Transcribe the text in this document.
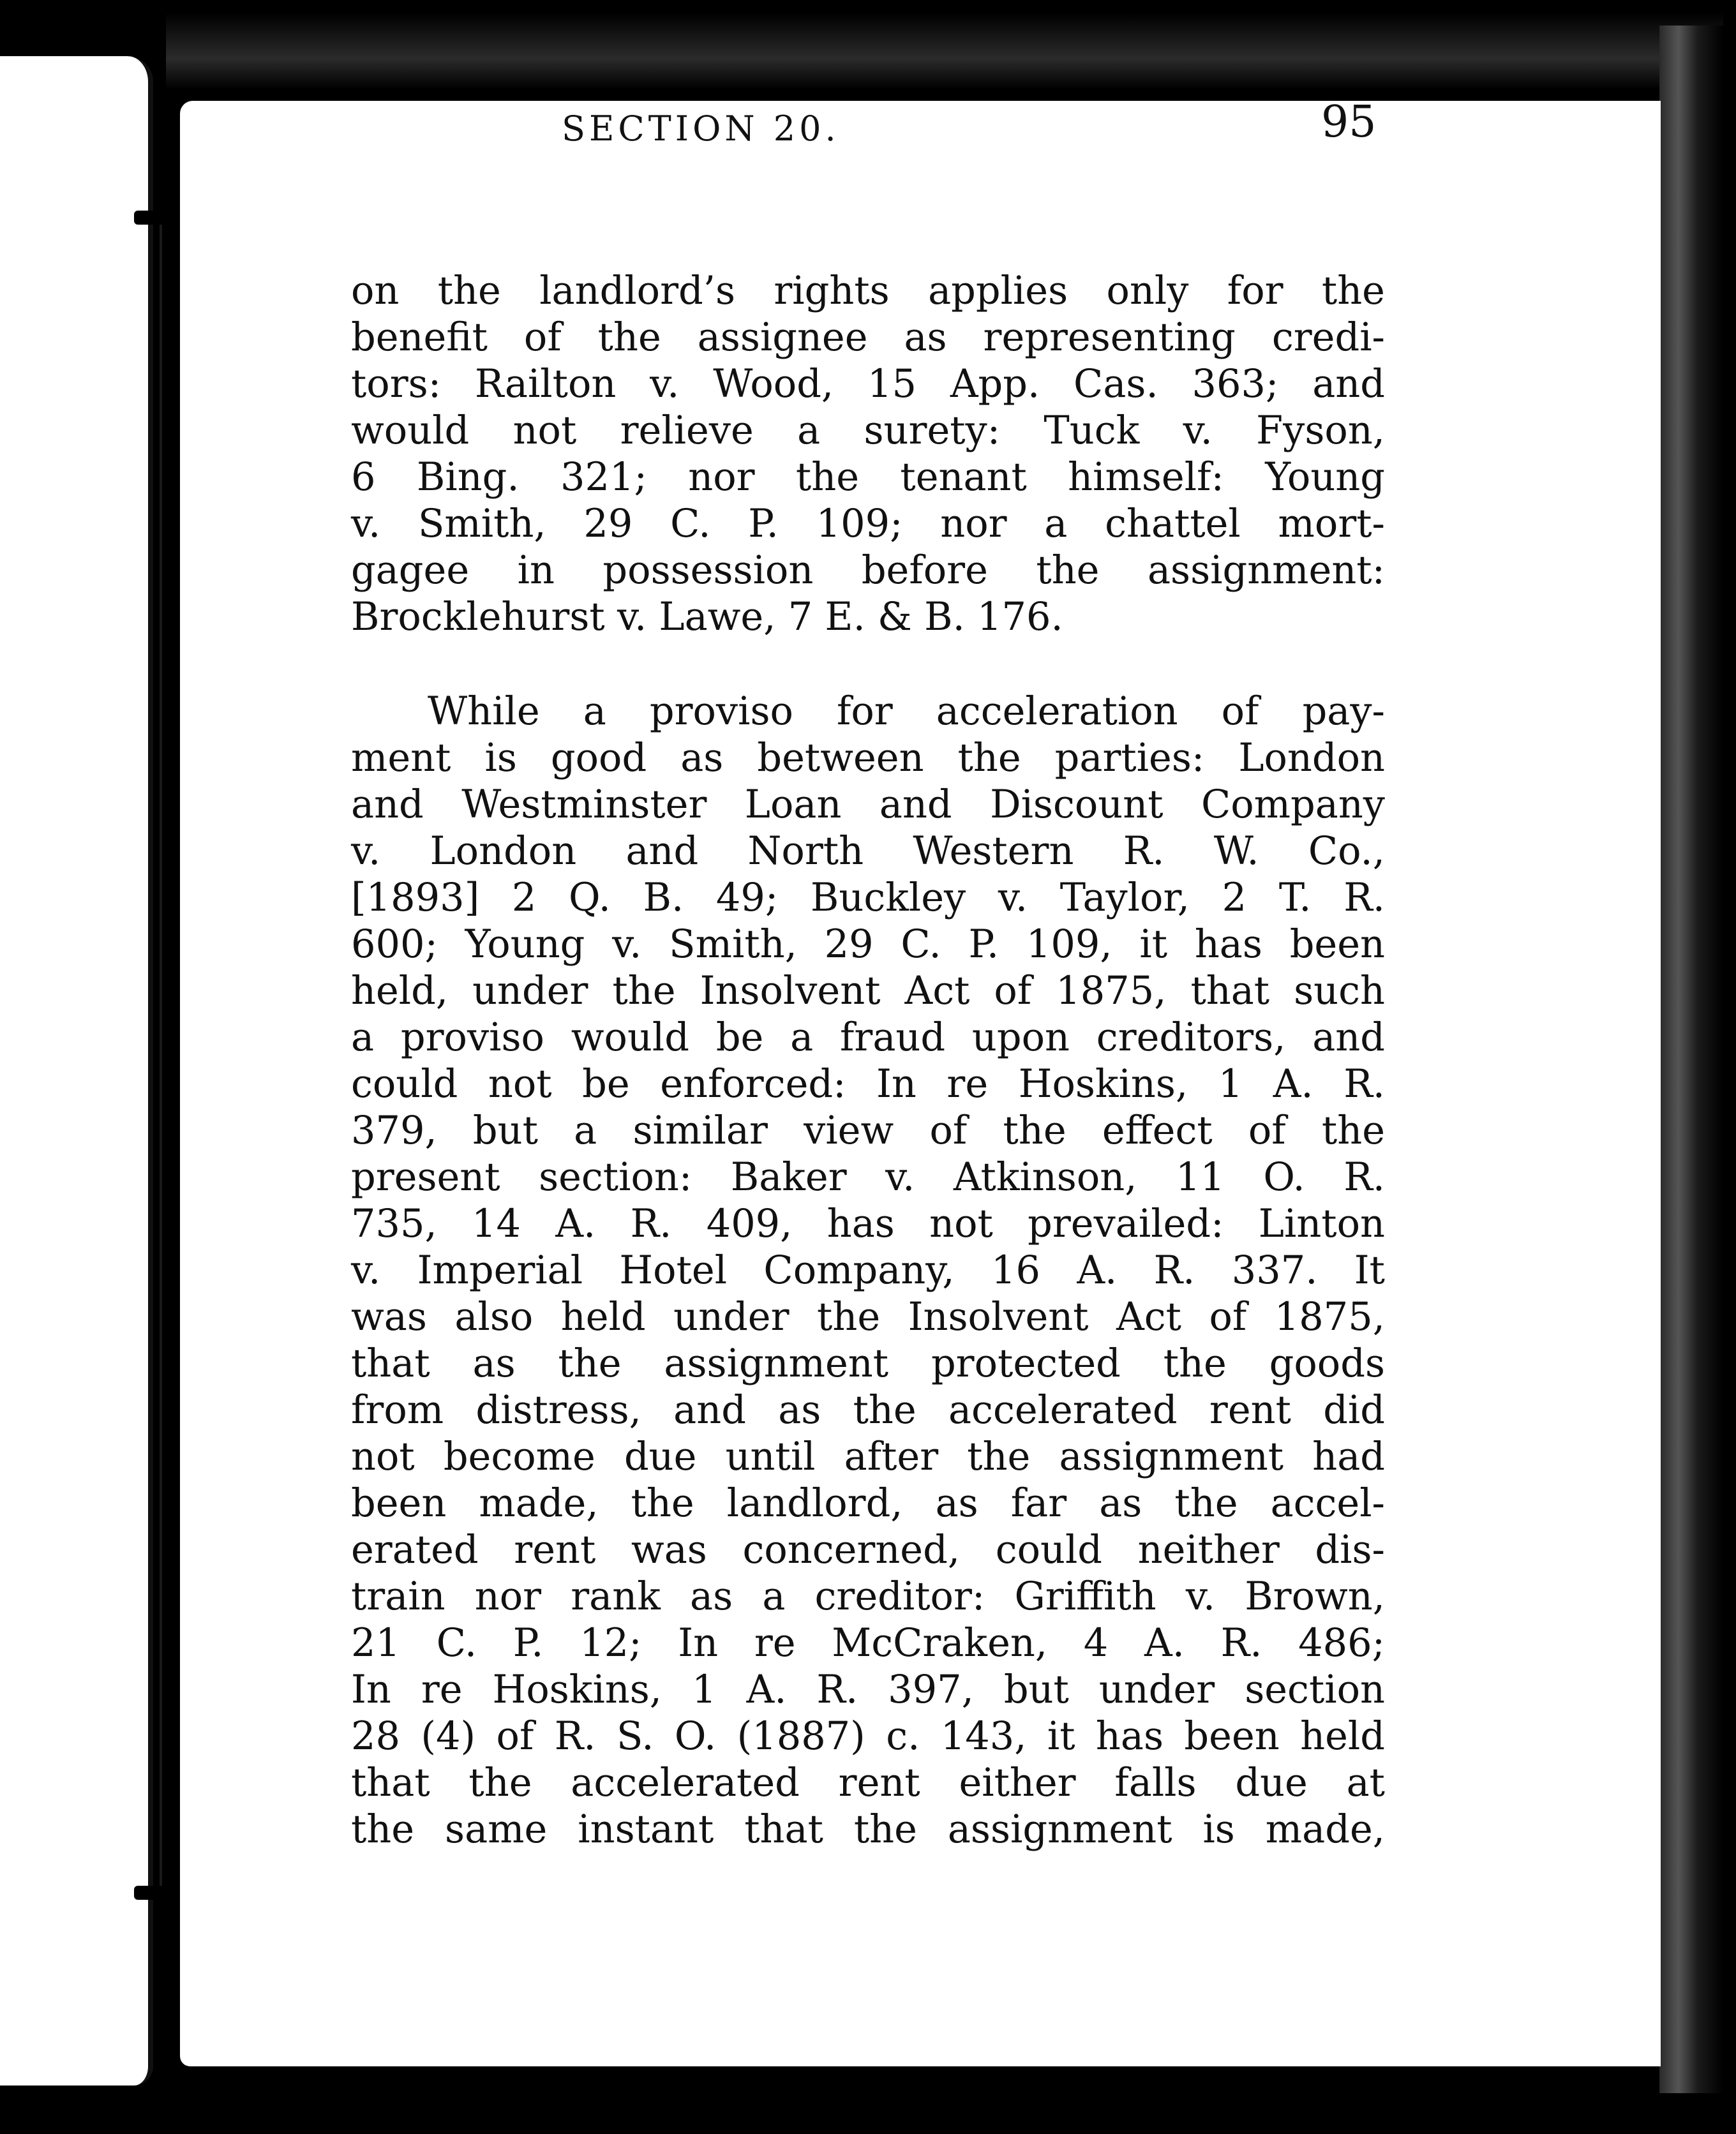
SECTION 20.	95
on the landlord’s rights applies only for the
benefit of the assignee as representing credi-
tors: Railton v. Wood, 15 App. Cas. 363; and
would not relieve a surety: Tuck v. Fyson,
6 Bing. 321; nor the tenant himself: Young
v. Smith, 29 C. P. 109; nor a chattel mort-
gagee in possession before the assignment:
Brocklehurst v. Lawe, 7 E. & B. 176.
While a proviso for acceleration of pay-
ment is good as between the parties: London
and Westminster Loan and Discount Company
v. London and North Western R. W. Co.,
[1893] 2 Q. B. 49; Buckley v. Taylor, 2 T. R.
600; Young v. Smith, 29 C. P. 109, it has been
held, under the Insolvent Act of 1875, that such
a proviso would be a fraud upon creditors, and
could not be enforced: In re Hoskins, 1 A. R.
379, but a similar view of the effect of the
present section: Baker v. Atkinson, 11 O. R.
735, 14 A. R. 409, has not prevailed: Linton
v. Imperial Hotel Company, 16 A. R. 337. It
was also held under the Insolvent Act of 1875,
that as the assignment protected the goods
from distress, and as the accelerated rent did
not become due until after the assignment had
been made, the landlord, as far as the accel-
erated rent was concerned, could neither dis-
train nor rank as a creditor: Griffith v. Brown,
21 C. P. 12; In re McCraken, 4 A. R. 486;
In re Hoskins, 1 A. R. 397, but under section
28 (4) of R. S. O. (1887) c. 143, it has been held
that the accelerated rent either falls due at
the same instant that the assignment is made,
